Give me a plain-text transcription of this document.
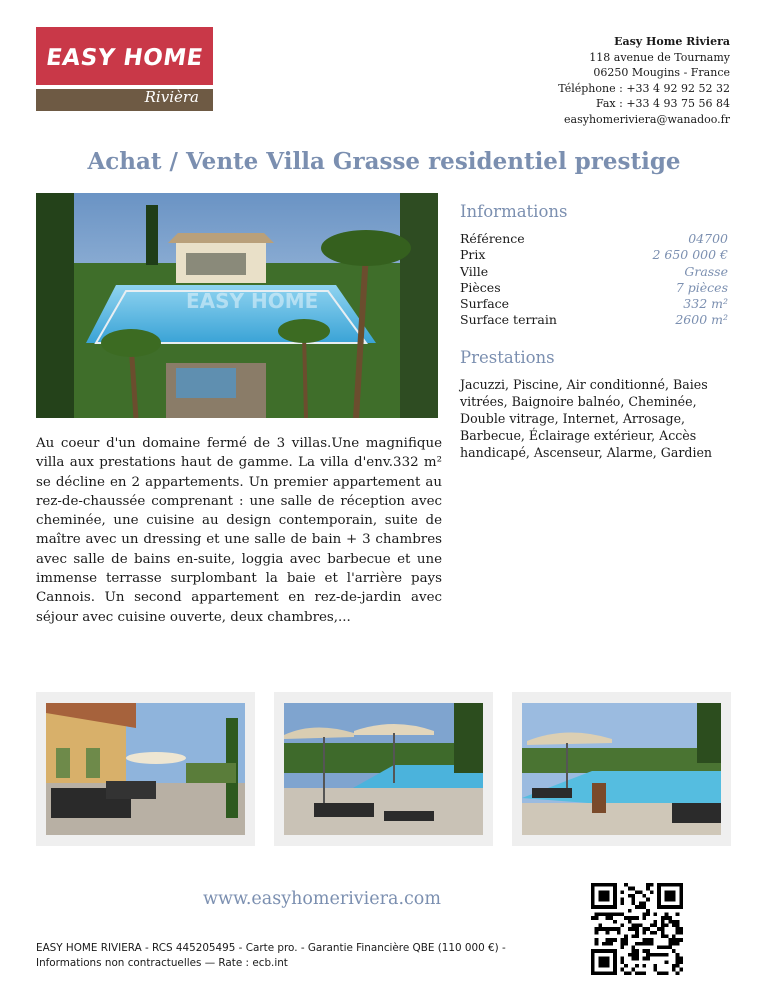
EASY HOME
Rivièra
Easy Home Riviera
118 avenue de Tournamy
06250 Mougins - France
Téléphone : +33 4 92 92 52 32
Fax : +33 4 93 75 56 84
easyhomeriviera@wanadoo.fr
Achat / Vente Villa Grasse residentiel prestige
EASY HOME

Au coeur d'un domaine fermé de 3 villas.Une magnifique villa aux prestations haut de gamme. La villa d'env.332 m² se décline en 2 appartements. Un premier appartement au rez-de-chaussée comprenant : une salle de réception avec cheminée, une cuisine au design contemporain, suite de maître avec un dressing et une salle de bain + 3 chambres avec salle de bains en-suite, loggia avec barbecue et une immense terrasse surplombant la baie et l'arrière pays Cannois. Un second appartement en rez-de-jardin avec séjour avec cuisine ouverte, deux chambres,...

Informations
Référence	04700
Prix	2 650 000 €
Ville	Grasse
Pièces	7 pièces
Surface	332 m²
Surface terrain	2600 m²
Prestations

Jacuzzi, Piscine, Air conditionné, Baies vitrées, Baignoire balnéo, Cheminée, Double vitrage, Internet, Arrosage, Barbecue, Éclairage extérieur, Accès handicapé, Ascenseur, Alarme, Gardien

www.easyhomeriviera.com
EASY HOME RIVIERA - RCS 445205495 - Carte pro. - Garantie Financière QBE (110 000 €) -
Informations non contractuelles — Rate : ecb.int
